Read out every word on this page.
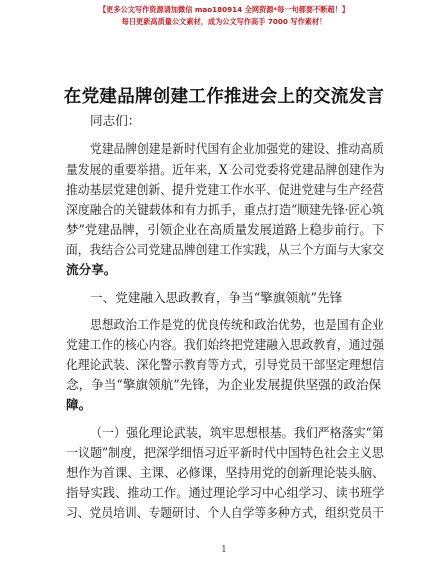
【更多公文写作资源请加微信 mao180914 全网资源*每一句都要不断超！】
每日更新高质量公文素材，成为公文写作高手 7000 写作素材！
在党建品牌创建工作推进会上的交流发言
同志们：
党建品牌创建是新时代国有企业加强党的建设、推动高质
量发展的重要举措。近年来，X 公司党委将党建品牌创建作为
推动基层党建创新、提升党建工作水平、促进党建与生产经营
深度融合的关键载体和有力抓手，重点打造“顺建先锋·匠心筑
梦”党建品牌，引领企业在高质量发展道路上稳步前行。下
面，我结合公司党建品牌创建工作实践，从三个方面与大家交
流分享。
一、党建融入思政教育，争当“擎旗领航”先锋
思想政治工作是党的优良传统和政治优势，也是国有企业
党建工作的核心内容。我们始终把党建融入思政教育，通过强
化理论武装、深化警示教育等方式，引导党员干部坚定理想信
念，争当“擎旗领航”先锋，为企业发展提供坚强的政治保
障。
（一）强化理论武装，筑牢思想根基。我们严格落实“第
一议题”制度，把深学细悟习近平新时代中国特色社会主义思
想作为首课、主课、必修课，坚持用党的创新理论装头脑、
指导实践、推动工作。通过理论学习中心组学习、读书班学
习、党员培训、专题研讨、个人自学等多种方式，组织党员干
1
